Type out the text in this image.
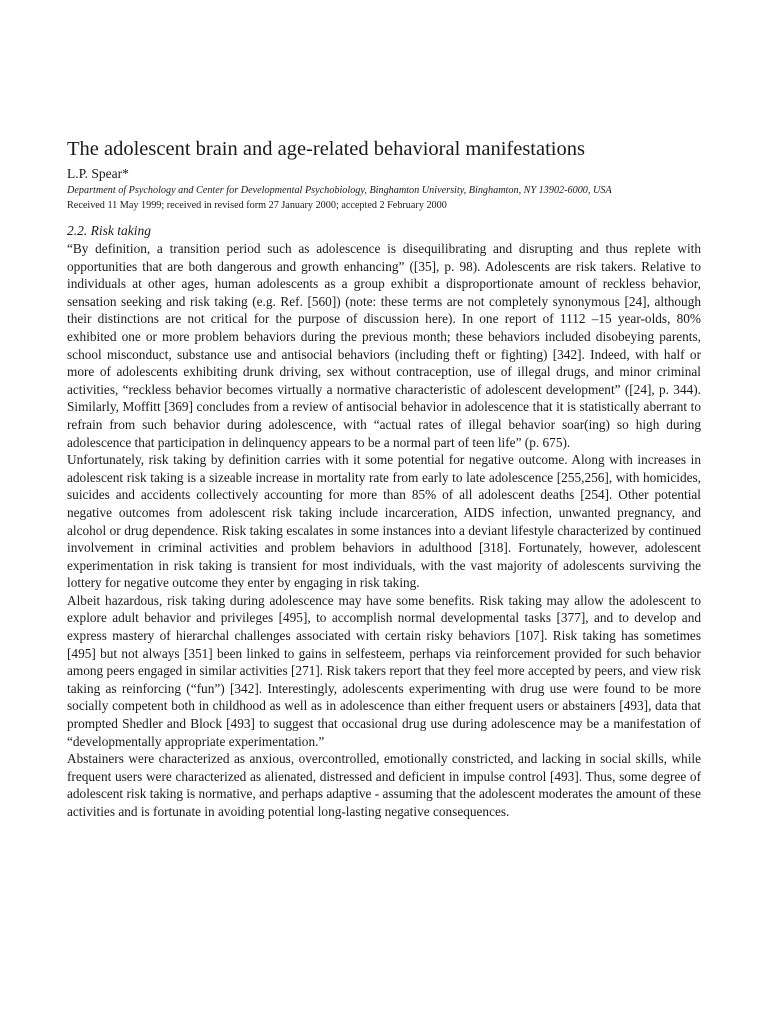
The adolescent brain and age-related behavioral manifestations
L.P. Spear*
Department of Psychology and Center for Developmental Psychobiology, Binghamton University, Binghamton, NY 13902-6000, USA
Received 11 May 1999; received in revised form 27 January 2000; accepted 2 February 2000
2.2. Risk taking

“By definition, a transition period such as adolescence is disequilibrating and disrupting and thus replete with opportunities that are both dangerous and growth enhancing” ([35], p. 98). Adolescents are risk takers. Relative to individuals at other ages, human adolescents as a group exhibit a disproportionate amount of reckless behavior, sensation seeking and risk taking (e.g. Ref. [560]) (note: these terms are not completely synonymous [24], although their distinctions are not critical for the purpose of discussion here). In one report of 1112 –15 year-olds, 80% exhibited one or more problem behaviors during the previous month; these behaviors included disobeying parents, school misconduct, substance use and antisocial behaviors (including theft or fighting) [342]. Indeed, with half or more of adolescents exhibiting drunk driving, sex without contraception, use of illegal drugs, and minor criminal activities, “reckless behavior becomes virtually a normative characteristic of adolescent development” ([24], p. 344). Similarly, Moffitt [369] concludes from a review of antisocial behavior in adolescence that it is statistically aberrant to refrain from such behavior during adolescence, with “actual rates of illegal behavior soar(ing) so high during adolescence that participation in delinquency appears to be a normal part of teen life” (p. 675).

Unfortunately, risk taking by definition carries with it some potential for negative outcome. Along with increases in adolescent risk taking is a sizeable increase in mortality rate from early to late adolescence [255,256], with homicides, suicides and accidents collectively accounting for more than 85% of all adolescent deaths [254]. Other potential negative outcomes from adolescent risk taking include incarceration, AIDS infection, unwanted pregnancy, and alcohol or drug dependence. Risk taking escalates in some instances into a deviant lifestyle characterized by continued involvement in criminal activities and problem behaviors in adulthood [318]. Fortunately, however, adolescent experimentation in risk taking is transient for most individuals, with the vast majority of adolescents surviving the lottery for negative outcome they enter by engaging in risk taking.

Albeit hazardous, risk taking during adolescence may have some benefits. Risk taking may allow the adolescent to explore adult behavior and privileges [495], to accomplish normal developmental tasks [377], and to develop and express mastery of hierarchal challenges associated with certain risky behaviors [107]. Risk taking has sometimes [495] but not always [351] been linked to gains in selfesteem, perhaps via reinforcement provided for such behavior among peers engaged in similar activities [271]. Risk takers report that they feel more accepted by peers, and view risk taking as reinforcing (“fun”) [342]. Interestingly, adolescents experimenting with drug use were found to be more socially competent both in childhood as well as in adolescence than either frequent users or abstainers [493], data that prompted Shedler and Block [493] to suggest that occasional drug use during adolescence may be a manifestation of “developmentally appropriate experimentation.”

Abstainers were characterized as anxious, overcontrolled, emotionally constricted, and lacking in social skills, while frequent users were characterized as alienated, distressed and deficient in impulse control [493]. Thus, some degree of adolescent risk taking is normative, and perhaps adaptive - assuming that the adolescent moderates the amount of these activities and is fortunate in avoiding potential long-lasting negative consequences.
